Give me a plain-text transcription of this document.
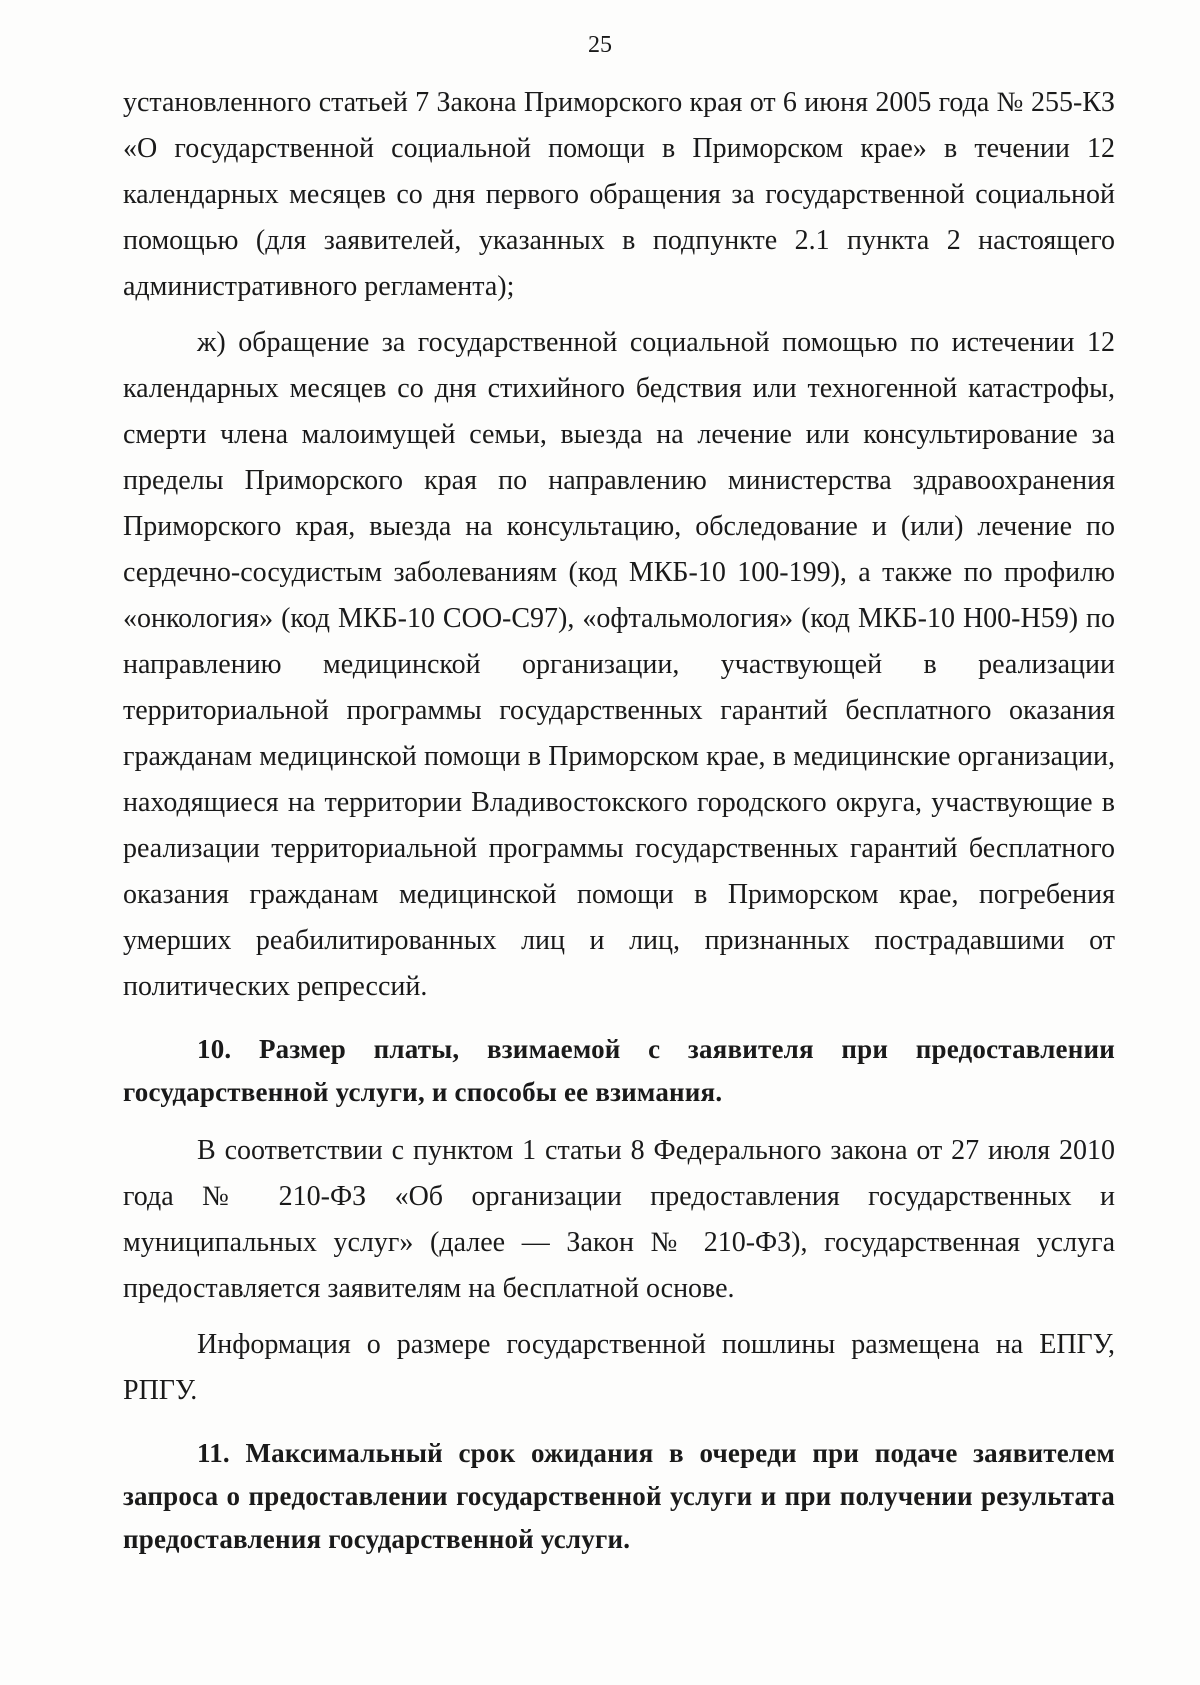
25

установленного статьей 7 Закона Приморского края от 6 июня 2005 года № 255-КЗ «О государственной социальной помощи в Приморском крае» в течении 12 календарных месяцев со дня первого обращения за государственной социальной помощью (для заявителей, указанных в подпункте 2.1 пункта 2 настоящего административного регламента);

ж) обращение за государственной социальной помощью по истечении 12 календарных месяцев со дня стихийного бедствия или техногенной катастрофы, смерти члена малоимущей семьи, выезда на лечение или консультирование за пределы Приморского края по направлению министерства здравоохранения Приморского края, выезда на консультацию, обследование и (или) лечение по сердечно-сосудистым заболеваниям (код МКБ-10 100-199), а также по профилю «онкология» (код МКБ-10 СОО-С97), «офтальмология» (код МКБ-10 Н00-Н59) по направлению медицинской организации, участвующей в реализации территориальной программы государственных гарантий бесплатного оказания гражданам медицинской помощи в Приморском крае, в медицинские организации, находящиеся на территории Владивостокского городского округа, участвующие в реализации территориальной программы государственных гарантий бесплатного оказания гражданам медицинской помощи в Приморском крае, погребения умерших реабилитированных лиц и лиц, признанных пострадавшими от политических репрессий.

10. Размер платы, взимаемой с заявителя при предоставлении государственной услуги, и способы ее взимания.

В соответствии с пунктом 1 статьи 8 Федерального закона от 27 июля 2010 года № 210-ФЗ «Об организации предоставления государственных и муниципальных услуг» (далее — Закон № 210-ФЗ), государственная услуга предоставляется заявителям на бесплатной основе.

Информация о размере государственной пошлины размещена на ЕПГУ, РПГУ.

11. Максимальный срок ожидания в очереди при подаче заявителем запроса о предоставлении государственной услуги и при получении результата предоставления государственной услуги.
